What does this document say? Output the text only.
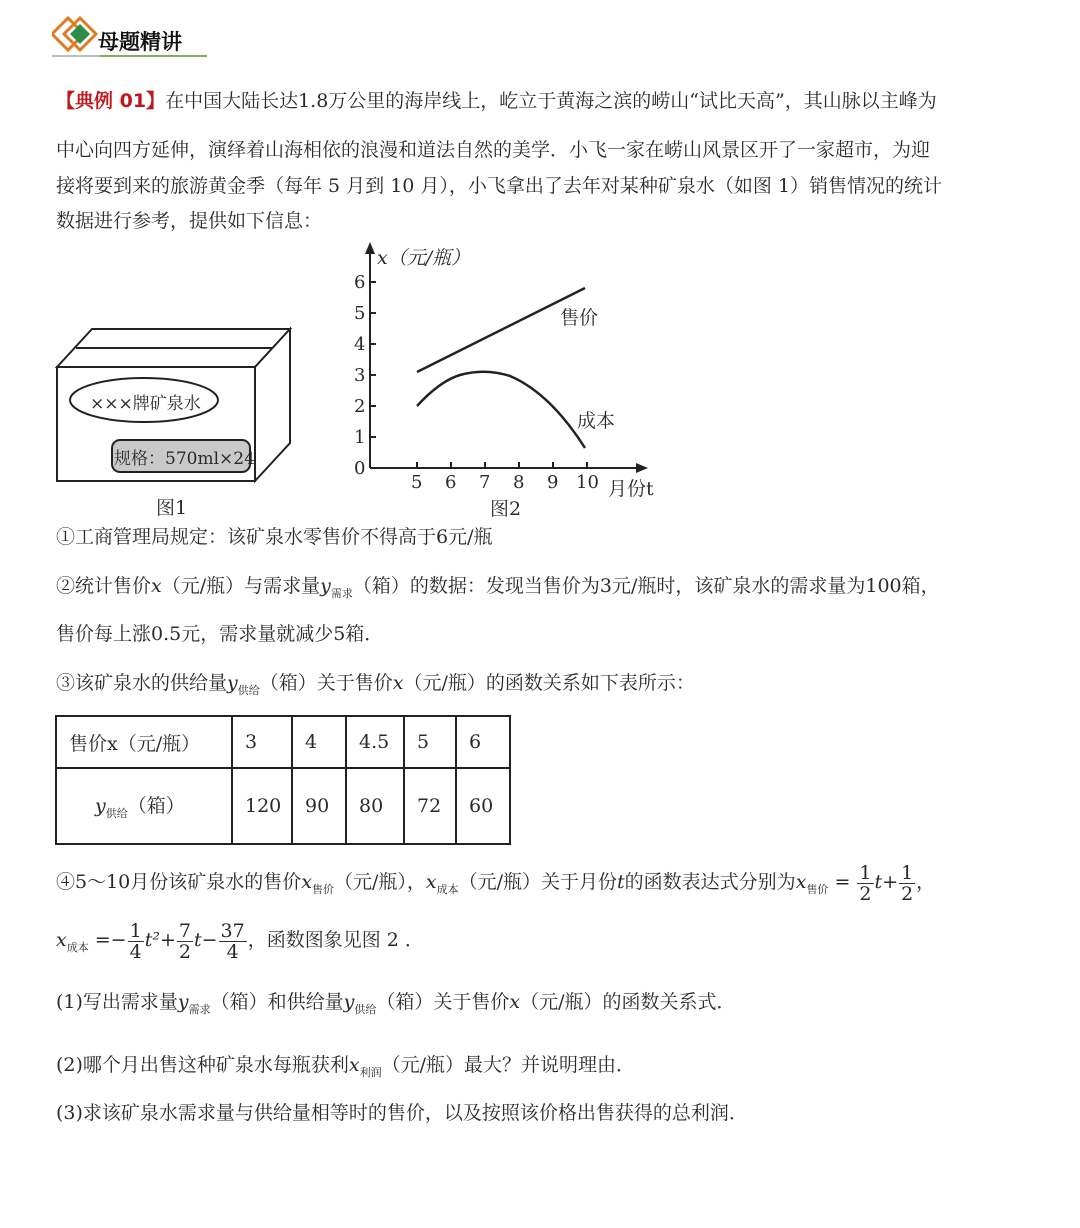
母题精讲
【典例 01】在中国大陆长达1.8万公里的海岸线上，屹立于黄海之滨的崂山“试比天高”，其山脉以主峰为
中心向四方延伸，演绎着山海相依的浪漫和道法自然的美学．小飞一家在崂山风景区开了一家超市，为迎
接将要到来的旅游黄金季（每年 5 月到 10 月），小飞拿出了去年对某种矿泉水（如图 1）销售情况的统计
数据进行参考，提供如下信息：
×××牌矿泉水
规格：570ml×24
图1
x（元/瓶）
0
1
2
3
4
5
6
5 6 7 8 9 10 月份t
售价
成本
图2
①工商管理局规定：该矿泉水零售价不得高于6元/瓶
②统计售价x（元/瓶）与需求量$y_{需求}$（箱）的数据：发现当售价为3元/瓶时，该矿泉水的需求量为100箱，
售价每上涨0.5元，需求量就减少5箱．
③该矿泉水的供给量$y_{供给}$（箱）关于售价x（元/瓶）的函数关系如下表所示：
售价x（元/瓶）	3	4	4.5	5	6
$y_{供给}$（箱）	120	90	80	72	60
④5～10月份该矿泉水的售价$x_{售价}$（元/瓶），$x_{成本}$（元/瓶）关于月份t的函数表达式分别为$x_{售价} = \frac{1}{2} t+ \frac{1}{2}$ ，
$x_{成本} =- \frac{1}{4} t^2+ \frac{7}{2} t- \frac{37}{4}$ ，函数图象见图 2 ．
(1)写出需求量$y_{需求}$（箱）和供给量$y_{供给}$（箱）关于售价x（元/瓶）的函数关系式．
(2)哪个月出售这种矿泉水每瓶获利$x_{利润}$（元/瓶）最大？并说明理由．
(3)求该矿泉水需求量与供给量相等时的售价，以及按照该价格出售获得的总利润．
